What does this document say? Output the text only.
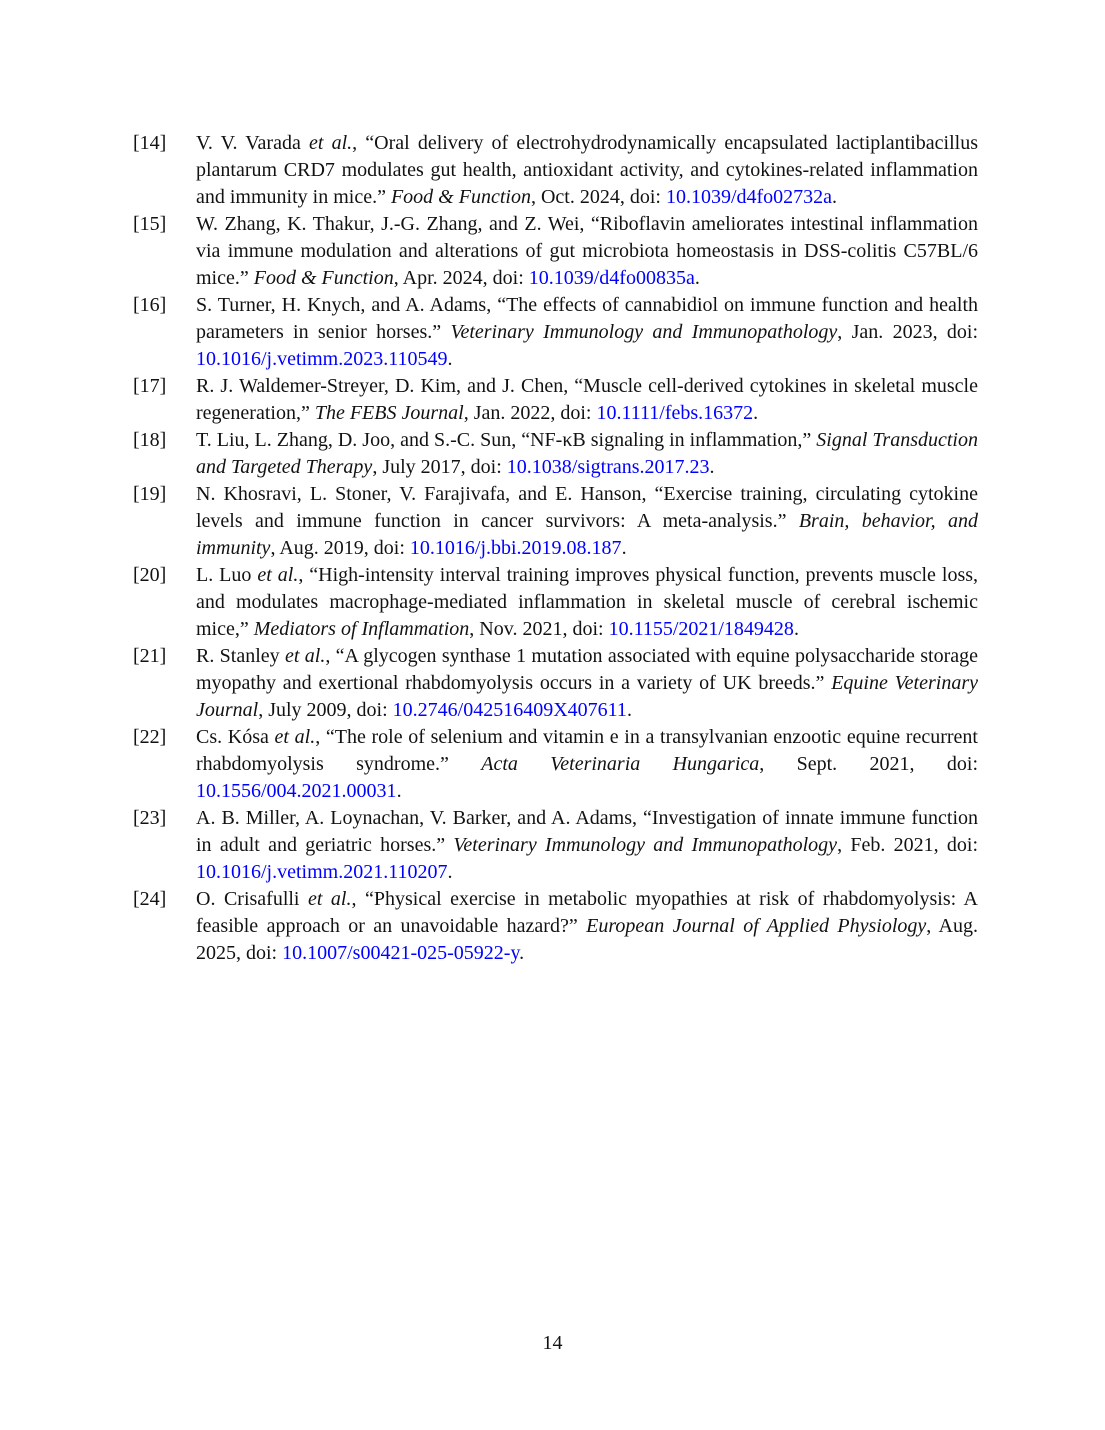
[14]	V. V. Varada et al., “Oral delivery of electrohydrodynamically encapsulated lactiplantibacillus plantarum CRD7 modulates gut health, antioxidant activity, and cytokines-related inflammation and immunity in mice.” Food & Function, Oct. 2024, doi: 10.1039/d4fo02732a.
[15]	W. Zhang, K. Thakur, J.-G. Zhang, and Z. Wei, “Riboflavin ameliorates intestinal inflammation via immune modulation and alterations of gut microbiota homeostasis in DSS-colitis C57BL/6 mice.” Food & Function, Apr. 2024, doi: 10.1039/d4fo00835a.
[16]	S. Turner, H. Knych, and A. Adams, “The effects of cannabidiol on immune function and health parameters in senior horses.” Veterinary Immunology and Immunopathology, Jan. 2023, doi: 10.1016/j.vetimm.2023.110549.
[17]	R. J. Waldemer-Streyer, D. Kim, and J. Chen, “Muscle cell-derived cytokines in skeletal muscle regeneration,” The FEBS Journal, Jan. 2022, doi: 10.1111/febs.16372.
[18]	T. Liu, L. Zhang, D. Joo, and S.-C. Sun, “NF-κB signaling in inflammation,” Signal Transduction and Targeted Therapy, July 2017, doi: 10.1038/sigtrans.2017.23.
[19]	N. Khosravi, L. Stoner, V. Farajivafa, and E. Hanson, “Exercise training, circulating cytokine levels and immune function in cancer survivors: A meta-analysis.” Brain, behavior, and immunity, Aug. 2019, doi: 10.1016/j.bbi.2019.08.187.
[20]	L. Luo et al., “High-intensity interval training improves physical function, prevents muscle loss, and modulates macrophage-mediated inflammation in skeletal muscle of cerebral ischemic mice,” Mediators of Inflammation, Nov. 2021, doi: 10.1155/2021/1849428.
[21]	R. Stanley et al., “A glycogen synthase 1 mutation associated with equine polysaccharide storage myopathy and exertional rhabdomyolysis occurs in a variety of UK breeds.” Equine Veterinary Journal, July 2009, doi: 10.2746/042516409X407611.
[22]	Cs. Kósa et al., “The role of selenium and vitamin e in a transylvanian enzootic equine recurrent rhabdomyolysis syndrome.” Acta Veterinaria Hungarica, Sept. 2021, doi: 10.1556/004.2021.00031.
[23]	A. B. Miller, A. Loynachan, V. Barker, and A. Adams, “Investigation of innate immune function in adult and geriatric horses.” Veterinary Immunology and Immunopathology, Feb. 2021, doi: 10.1016/j.vetimm.2021.110207.
[24]	O. Crisafulli et al., “Physical exercise in metabolic myopathies at risk of rhabdomyolysis: A feasible approach or an unavoidable hazard?” European Journal of Applied Physiology, Aug. 2025, doi: 10.1007/s00421-025-05922-y.
14
